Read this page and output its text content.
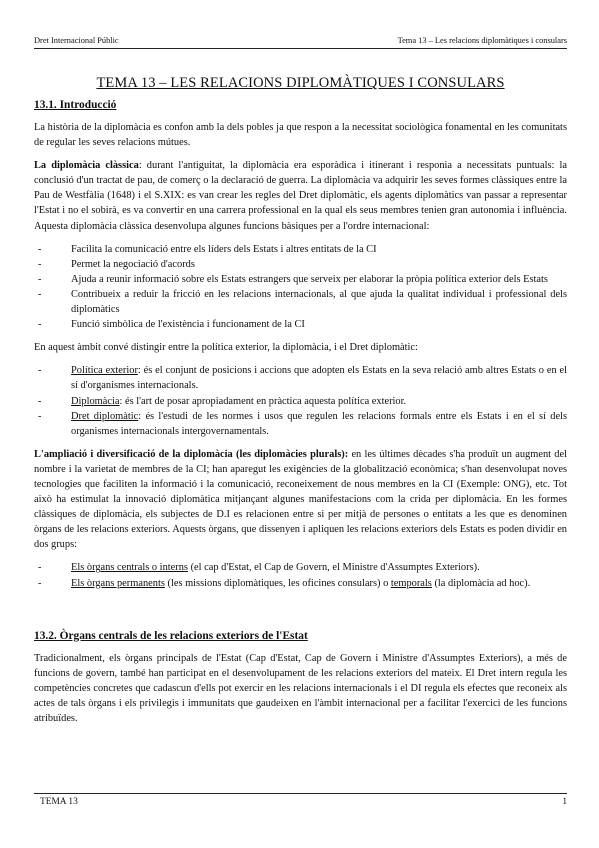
Dret Internacional Públic	Tema 13 – Les relacions diplomàtiques i consulars
TEMA 13 – LES RELACIONS DIPLOMÀTIQUES I CONSULARS
13.1. Introducció

La història de la diplomàcia es confon amb la dels pobles ja que respon a la necessitat sociològica fonamental en les comunitats de regular les seves relacions mútues.

La diplomàcia clàssica: durant l'antiguitat, la diplomàcia era esporàdica i itinerant i responia a necessitats puntuals: la conclusió d'un tractat de pau, de comerç o la declaració de guerra. La diplomàcia va adquirir les seves formes clàssiques entre la Pau de Westfàlia (1648) i el S.XIX: es van crear les regles del Dret diplomàtic, els agents diplomàtics van passar a representar l'Estat i no el sobirà, es va convertir en una carrera professional en la qual els seus membres tenien gran autonomia i influència. Aquesta diplomàcia clàssica desenvolupa algunes funcions bàsiques per a l'ordre internacional:

- Facilita la comunicació entre els líders dels Estats i altres entitats de la CI
- Permet la negociació d'acords
- Ajuda a reunir informació sobre els Estats estrangers que serveix per elaborar la pròpia política exterior dels Estats
- Contribueix a reduir la fricció en les relacions internacionals, al que ajuda la qualitat individual i professional dels diplomàtics
- Funció simbòlica de l'existència i funcionament de la CI

En aquest àmbit convé distingir entre la política exterior, la diplomàcia, i el Dret diplomàtic:

- Política exterior: és el conjunt de posicions i accions que adopten els Estats en la seva relació amb altres Estats o en el sí d'organismes internacionals.
- Diplomàcia: és l'art de posar apropiadament en pràctica aquesta política exterior.
- Dret diplomàtic: és l'estudi de les normes i usos que regulen les relacions formals entre els Estats i en el sí dels organismes internacionals intergovernamentals.

L'ampliació i diversificació de la diplomàcia (les diplomàcies plurals): en les últimes dècades s'ha produït un augment del nombre i la varietat de membres de la CI; han aparegut les exigències de la globalització econòmica; s'han desenvolupat noves tecnologies que faciliten la informació i la comunicació, reconeixement de nous membres en la CI (Exemple: ONG), etc. Tot això ha estimulat la innovació diplomàtica mitjançant algunes manifestacions com la crida per diplomàcia. En les formes clàssiques de diplomàcia, els subjectes de D.I es relacionen entre si per mitjà de persones o entitats a les que es denominen òrgans de les relacions exteriors. Aquests òrgans, que dissenyen i apliquen les relacions exteriors dels Estats es poden dividir en dos grups:

- Els òrgans centrals o interns (el cap d'Estat, el Cap de Govern, el Ministre d'Assumptes Exteriors).
- Els òrgans permanents (les missions diplomàtiques, les oficines consulars) o temporals (la diplomàcia ad hoc).
13.2. Òrgans centrals de les relacions exteriors de l'Estat

Tradicionalment, els òrgans principals de l'Estat (Cap d'Estat, Cap de Govern i Ministre d'Assumptes Exteriors), a més de funcions de govern, també han participat en el desenvolupament de les relacions exteriors del mateix. El Dret intern regula les competències concretes que cadascun d'ells pot exercir en les relacions internacionals i el DI regula els efectes que reconeix als actes de tals òrgans i els privilegis i immunitats que gaudeixen en l'àmbit internacional per a facilitar l'exercici de les funcions atribuïdes.

TEMA 13	1
